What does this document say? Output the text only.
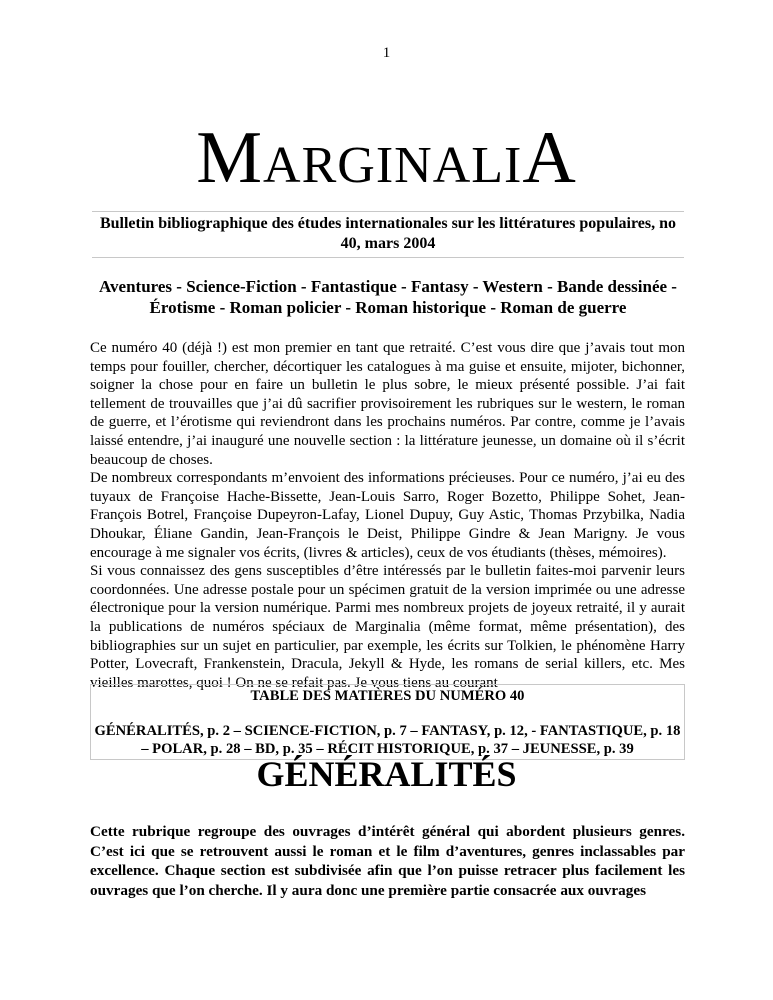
1
MARGINALIA
Bulletin bibliographique des études internationales sur les littératures populaires, no 40, mars 2004
Aventures - Science-Fiction - Fantastique - Fantasy - Western - Bande dessinée - Érotisme - Roman policier - Roman historique - Roman de guerre

Ce numéro 40 (déjà !) est mon premier en tant que retraité. C’est vous dire que j’avais tout mon temps pour fouiller, chercher, décortiquer les catalogues à ma guise et ensuite, mijoter, bichonner, soigner la chose pour en faire un bulletin le plus sobre, le mieux présenté possible. J’ai fait tellement de trouvailles que j’ai dû sacrifier provisoirement les rubriques sur le western, le roman de guerre, et l’érotisme qui reviendront dans les prochains numéros. Par contre, comme je l’avais laissé entendre, j’ai inauguré une nouvelle section : la littérature jeunesse, un domaine où il s’écrit beaucoup de choses.

De nombreux correspondants m’envoient des informations précieuses. Pour ce numéro, j’ai eu des tuyaux de Françoise Hache-Bissette, Jean-Louis Sarro, Roger Bozetto, Philippe Sohet, Jean-François Botrel, Françoise Dupeyron-Lafay, Lionel Dupuy, Guy Astic, Thomas Przybilka, Nadia Dhoukar, Éliane Gandin, Jean-François le Deist, Philippe Gindre & Jean Marigny. Je vous encourage à me signaler vos écrits, (livres & articles), ceux de vos étudiants (thèses, mémoires).

Si vous connaissez des gens susceptibles d’être intéressés par le bulletin faites-moi parvenir leurs coordonnées. Une adresse postale pour un spécimen gratuit de la version imprimée ou une adresse électronique pour la version numérique. Parmi mes nombreux projets de joyeux retraité, il y aurait la publications de numéros spéciaux de Marginalia (même format, même présentation), des bibliographies sur un sujet en particulier, par exemple, les écrits sur Tolkien, le phénomène Harry Potter, Lovecraft, Frankenstein, Dracula, Jekyll & Hyde, les romans de serial killers, etc. Mes vieilles marottes, quoi ! On ne se refait pas. Je vous tiens au courant

TABLE DES MATIÈRES DU NUMÉRO 40
GÉNÉRALITÉS, p. 2 – SCIENCE-FICTION, p. 7 – FANTASY, p. 12, - FANTASTIQUE, p. 18 – POLAR, p. 28 – BD, p. 35 – RÉCIT HISTORIQUE, p. 37 – JEUNESSE, p. 39
GÉNÉRALITÉS

Cette rubrique regroupe des ouvrages d’intérêt général qui abordent plusieurs genres. C’est ici que se retrouvent aussi le roman et le film d’aventures, genres inclassables par excellence. Chaque section est subdivisée afin que l’on puisse retracer plus facilement les ouvrages que l’on cherche. Il y aura donc une première partie consacrée aux ouvrages
